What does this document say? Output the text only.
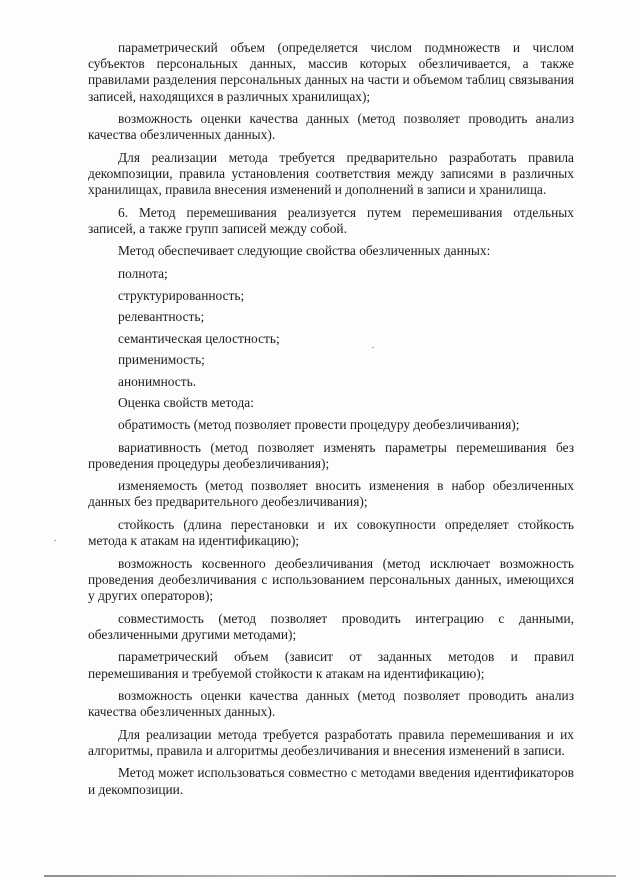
параметрический объем (определяется числом подмножеств и числом субъектов персональных данных, массив которых обезличивается, а также правилами разделения персональных данных на части и объемом таблиц связывания записей, находящихся в различных хранилищах);

возможность оценки качества данных (метод позволяет проводить анализ качества обезличенных данных).

Для реализации метода требуется предварительно разработать правила декомпозиции, правила установления соответствия между записями в различных хранилищах, правила внесения изменений и дополнений в записи и хранилища.

6. Метод перемешивания реализуется путем перемешивания отдельных записей, а также групп записей между собой.

Метод обеспечивает следующие свойства обезличенных данных:

полнота;

структурированность;

релевантность;

семантическая целостность;

применимость;

анонимность.

Оценка свойств метода:

обратимость (метод позволяет провести процедуру деобезличивания);

вариативность (метод позволяет изменять параметры перемешивания без проведения процедуры деобезличивания);

изменяемость (метод позволяет вносить изменения в набор обезличенных данных без предварительного деобезличивания);

стойкость (длина перестановки и их совокупности определяет стойкость метода к атакам на идентификацию);

возможность косвенного деобезличивания (метод исключает возможность проведения деобезличивания с использованием персональных данных, имеющихся у других операторов);

совместимость (метод позволяет проводить интеграцию с данными, обезличенными другими методами);

параметрический объем (зависит от заданных методов и правил перемешивания и требуемой стойкости к атакам на идентификацию);

возможность оценки качества данных (метод позволяет проводить анализ качества обезличенных данных).

Для реализации метода требуется разработать правила перемешивания и их алгоритмы, правила и алгоритмы деобезличивания и внесения изменений в записи.

Метод может использоваться совместно с методами введения идентификаторов и декомпозиции.
